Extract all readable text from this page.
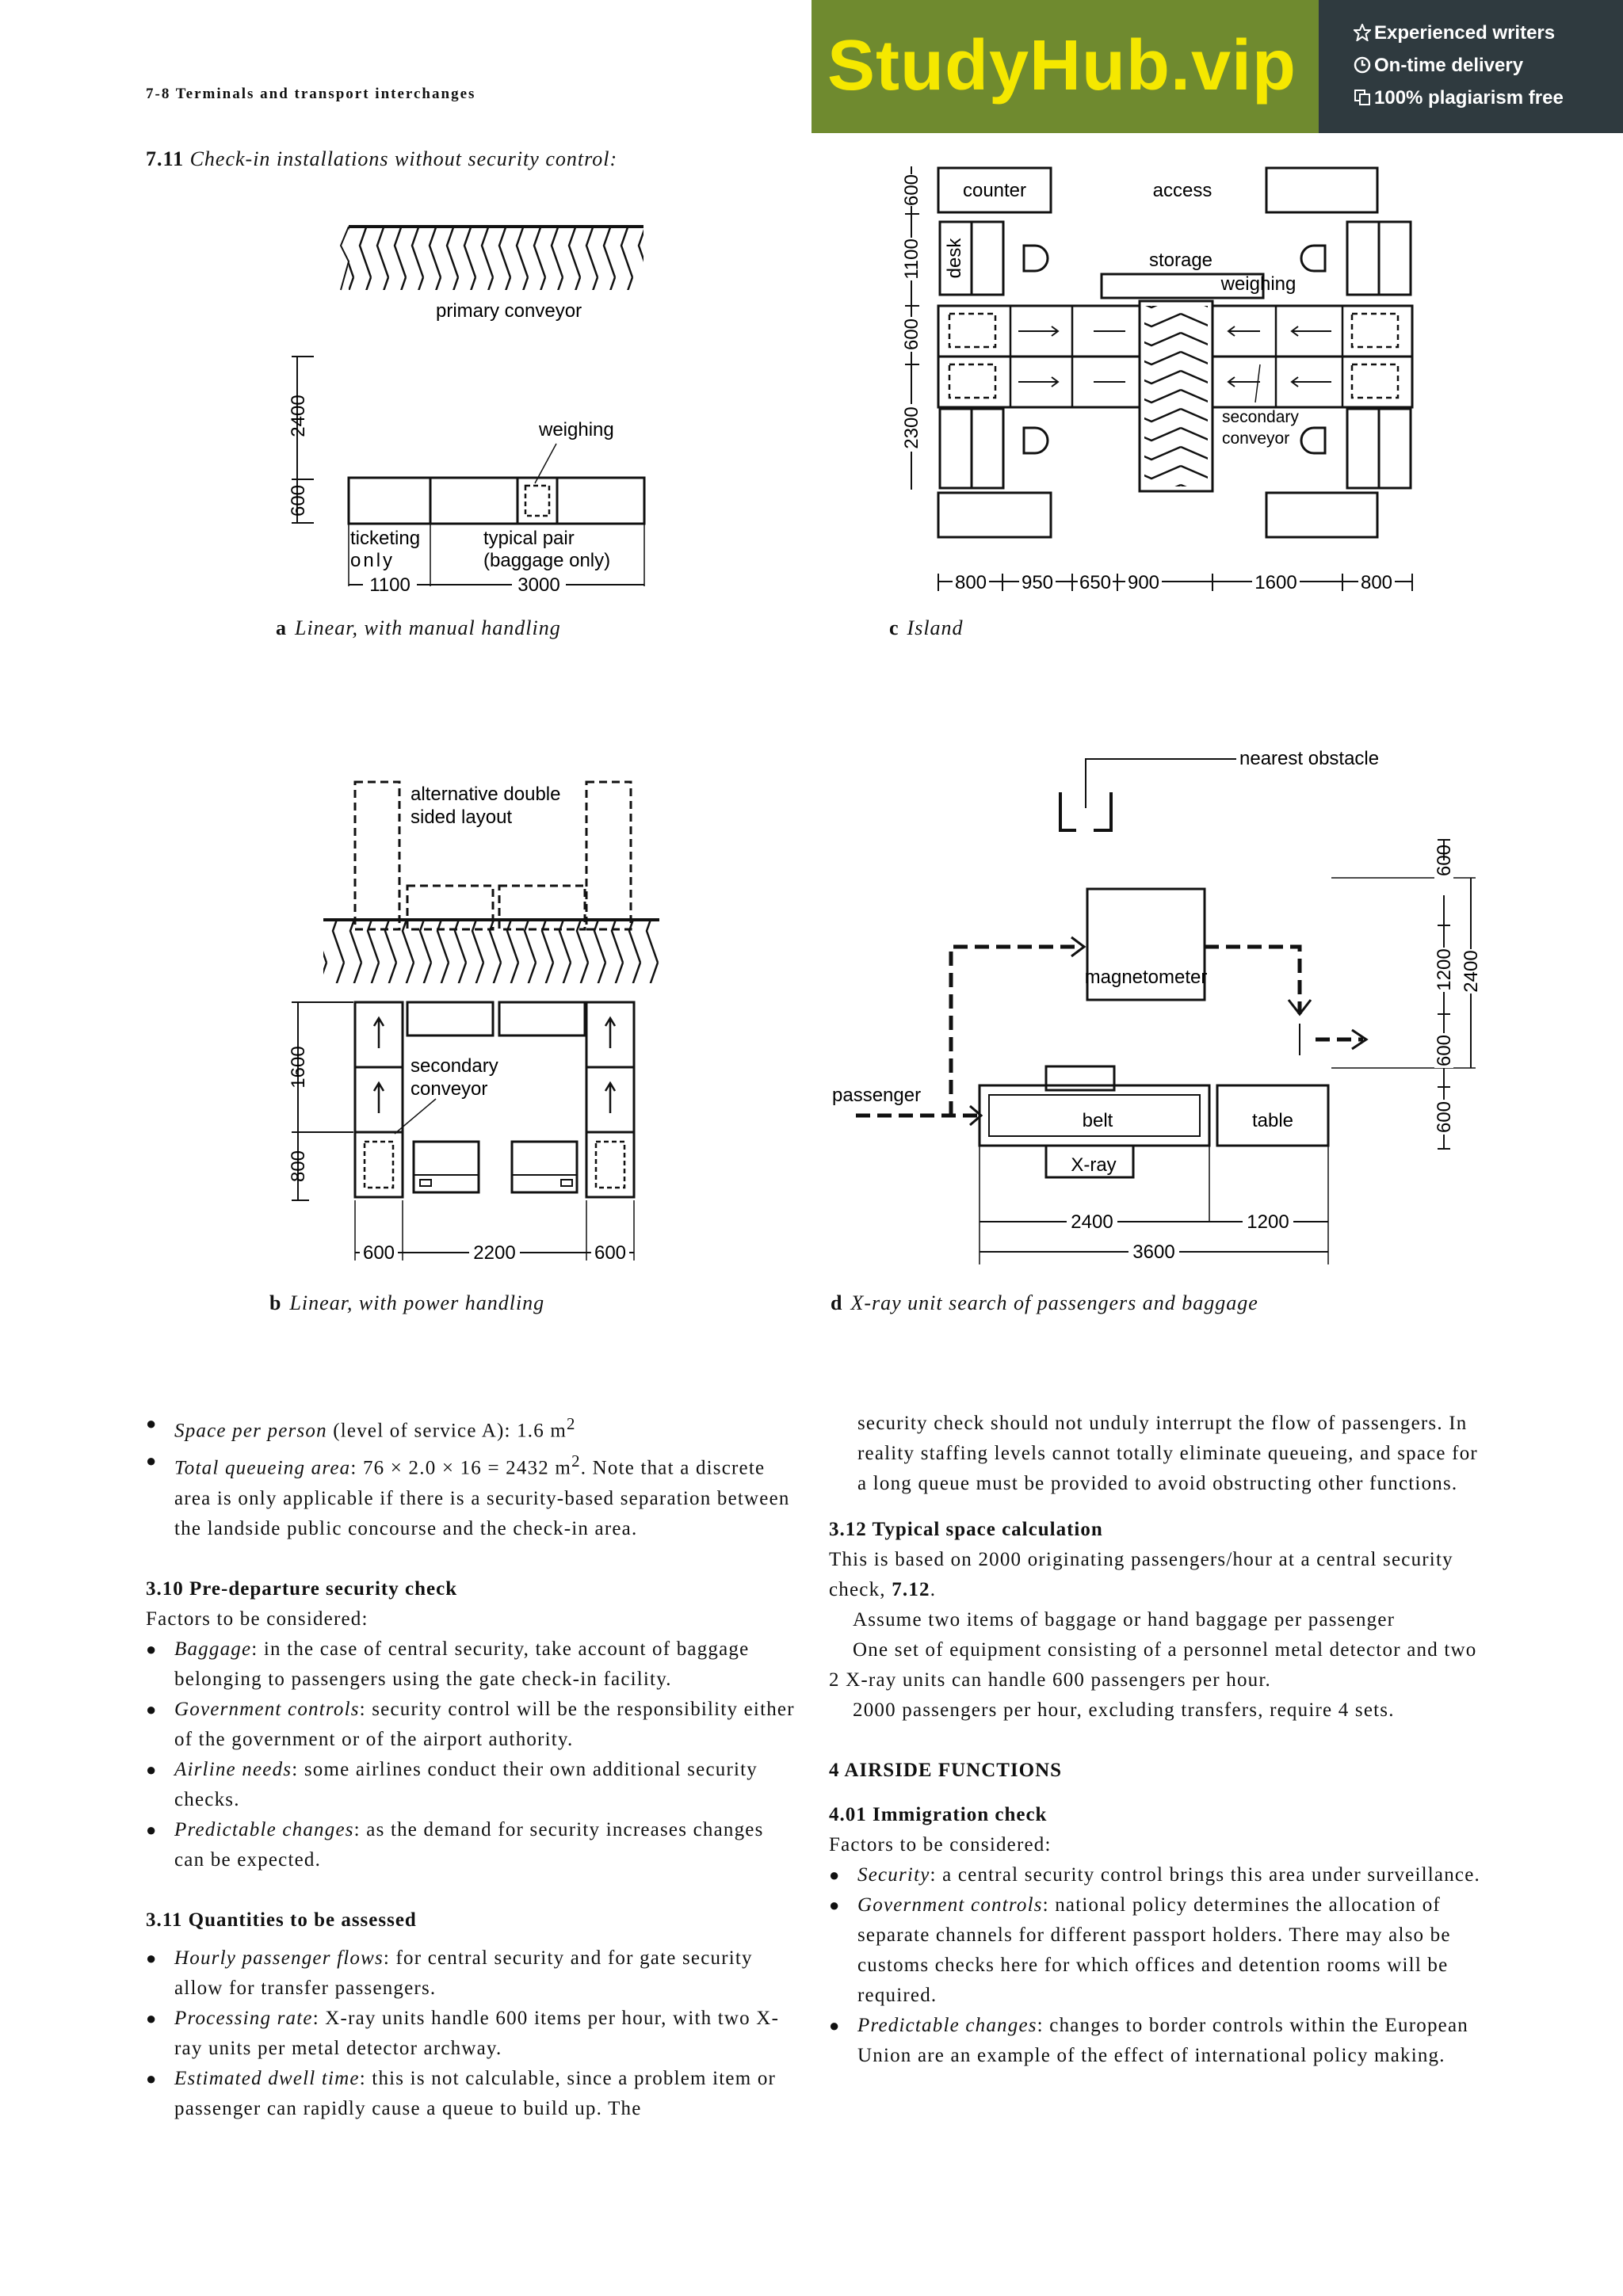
7-8 Terminals and transport interchanges
7.11 Check-in installations without security control:
StudyHub.vip	Experienced writers
On-time delivery
100% plagiarism free
primary conveyor
2400
600
weighing
ticketing
only
typical pair
(baggage only)
1100	3000
a Linear, with manual handling
600
1100
600
2300
counter	access
desk	storage
weighing
secondary
conveyor
800 950 650 900	1600	800
c Island
alternative double
sided layout
secondary
conveyor
1600
800
600	2200	600
b Linear, with power handling
nearest obstacle
magnetometer
passenger
belt	table
X-ray
600
1200 2400
600
600
2400	1200
3600
d X-ray unit search of passengers and baggage

● Space per person (level of service A): 1.6 $m^2$

● Total queueing area: 76 × 2.0 × 16 = 2432 $m^2$. Note that a discrete area is only applicable if there is a security-based separation between the landside public concourse and the check-in area.

3.10 Pre-departure security check

Factors to be considered:

● Baggage: in the case of central security, take account of baggage belonging to passengers using the gate check-in facility.

● Government controls: security control will be the responsibility either of the government or of the airport authority.

● Airline needs: some airlines conduct their own additional security checks.

● Predictable changes: as the demand for security increases changes can be expected.

3.11 Quantities to be assessed

● Hourly passenger flows: for central security and for gate security allow for transfer passengers.

● Processing rate: X-ray units handle 600 items per hour, with two X-ray units per metal detector archway.

● Estimated dwell time: this is not calculable, since a problem item or passenger can rapidly cause a queue to build up. The

security check should not unduly interrupt the flow of passengers. In reality staffing levels cannot totally eliminate queueing, and space for a long queue must be provided to avoid obstructing other functions.

3.12 Typical space calculation

This is based on 2000 originating passengers/hour at a central security check, 7.12.

Assume two items of baggage or hand baggage per passenger

One set of equipment consisting of a personnel metal detector and two 2 X-ray units can handle 600 passengers per hour.

2000 passengers per hour, excluding transfers, require 4 sets.

4 AIRSIDE FUNCTIONS
4.01 Immigration check

Factors to be considered:

● Security: a central security control brings this area under surveillance.

● Government controls: national policy determines the allocation of separate channels for different passport holders. There may also be customs checks here for which offices and detention rooms will be required.

● Predictable changes: changes to border controls within the European Union are an example of the effect of international policy making.
